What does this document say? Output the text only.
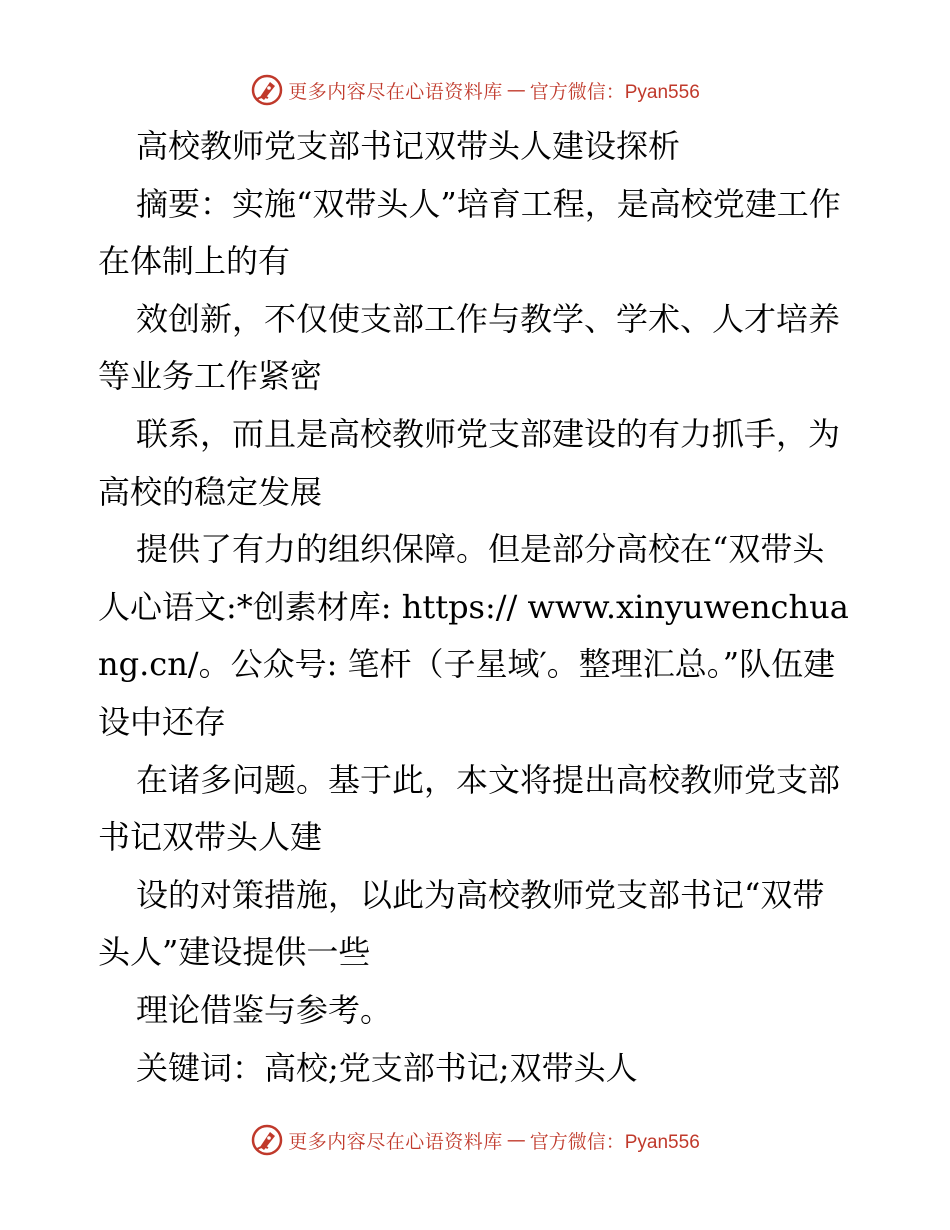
更多内容尽在心语资料库 — 官方微信：Pyan556

高校教师党支部书记双带头人建设探析

摘要：实施“双带头人”培育工程，是高校党建工作在体制上的有

效创新，不仅使支部工作与教学、学术、人才培养等业务工作紧密

联系，而且是高校教师党支部建设的有力抓手，为高校的稳定发展

提供了有力的组织保障。但是部分高校在“双带头人心语文:*创素材库: https:// www.xinyuwenchuang.cn/。公众号: 笔杆（子星域′。整理汇总。”队伍建设中还存

在诸多问题。基于此，本文将提出高校教师党支部书记双带头人建

设的对策措施，以此为高校教师党支部书记“双带头人”建设提供一些

理论借鉴与参考。

关键词：高校;党支部书记;双带头人

更多内容尽在心语资料库 — 官方微信：Pyan556
